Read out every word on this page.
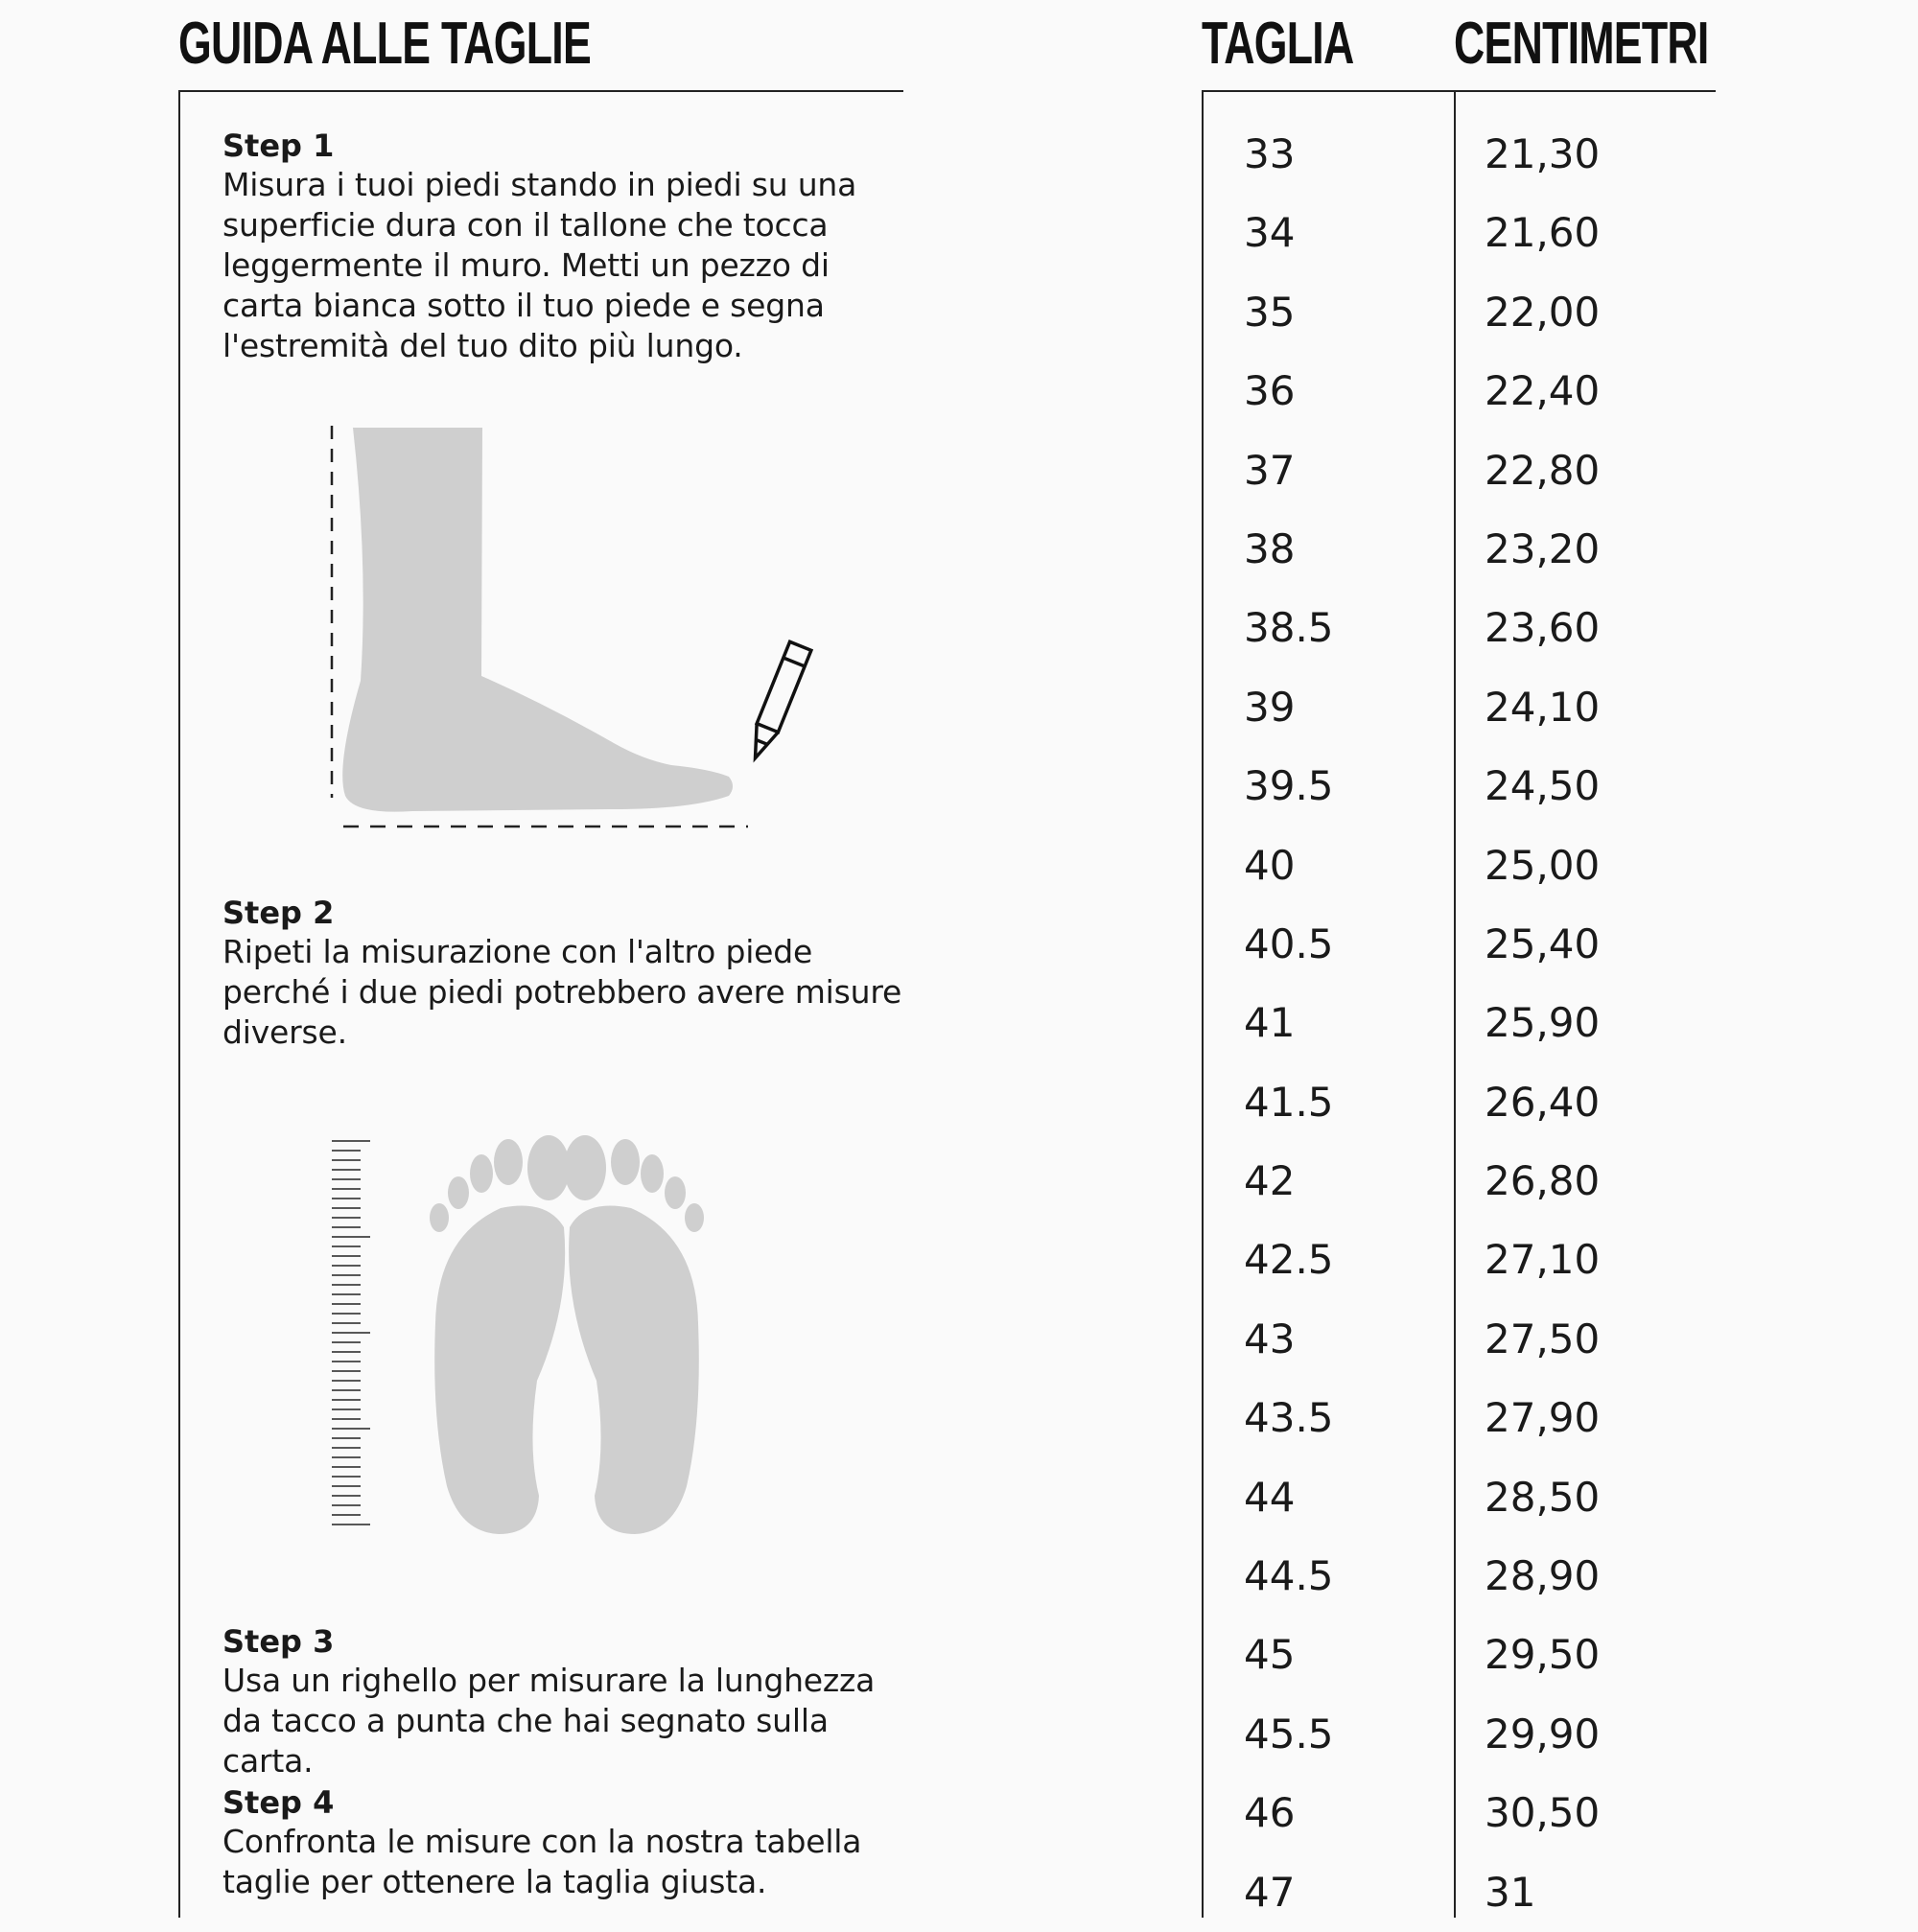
GUIDA ALLE TAGLIE
Step 1
Misura i tuoi piedi stando in piedi su una superficie dura con il tallone che tocca leggermente il muro. Metti un pezzo di carta bianca sotto il tuo piede e segna l'estremità del tuo dito più lungo.
Step 2
Ripeti la misurazione con l'altro piede perché i due piedi potrebbero avere misure diverse.
Step 3
Usa un righello per misurare la lunghezza da tacco a punta che hai segnato sulla carta.
Step 4
Confronta le misure con la nostra tabella taglie per ottenere la taglia giusta.
TAGLIA CENTIMETRI
33	21,30
34	21,60
35	22,00
36	22,40
37	22,80
38	23,20
38.5	23,60
39	24,10
39.5	24,50
40	25,00
40.5	25,40
41	25,90
41.5	26,40
42	26,80
42.5	27,10
43	27,50
43.5	27,90
44	28,50
44.5	28,90
45	29,50
45.5	29,90
46	30,50
47	31
